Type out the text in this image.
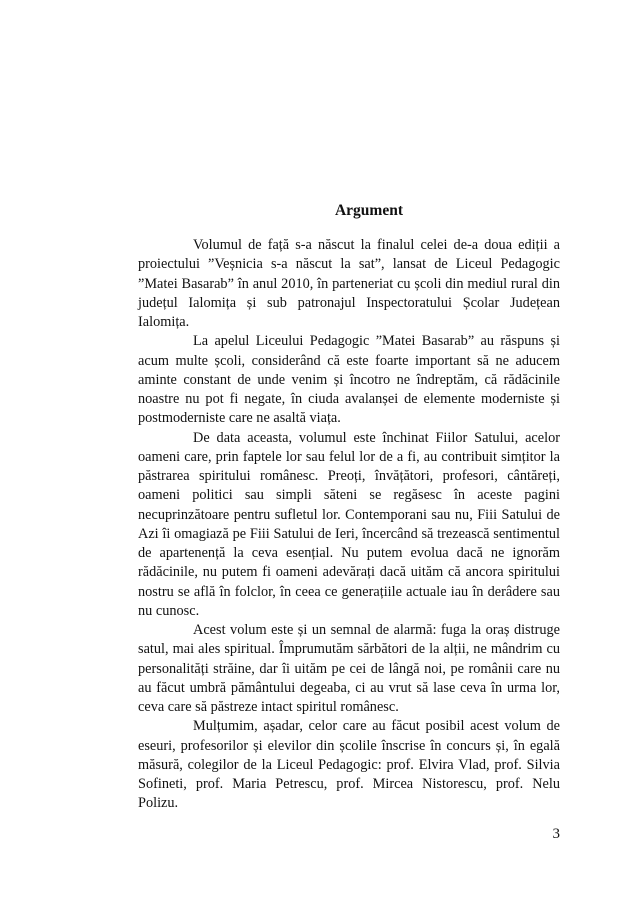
Argument

Volumul de față s-a născut la finalul celei de-a doua ediții a proiectului ”Veșnicia s-a născut la sat”, lansat de Liceul Pedagogic ”Matei Basarab” în anul 2010, în parteneriat cu școli din mediul rural din județul Ialomița și sub patronajul Inspectoratului Școlar Județean Ialomița.

La apelul Liceului Pedagogic ”Matei Basarab” au răspuns și acum multe școli, considerând că este foarte important să ne aducem aminte constant de unde venim și încotro ne îndreptăm, că rădăcinile noastre nu pot fi negate, în ciuda avalanșei de elemente moderniste și postmoderniste care ne asaltă viața.

De data aceasta, volumul este închinat Fiilor Satului, acelor oameni care, prin faptele lor sau felul lor de a fi, au contribuit simțitor la păstrarea spiritului românesc. Preoți, învățători, profesori, cântăreți, oameni politici sau simpli săteni se regăsesc în aceste pagini necuprinzătoare pentru sufletul lor. Contemporani sau nu, Fiii Satului de Azi îi omagiază pe Fiii Satului de Ieri, încercând să trezească sentimentul de apartenență la ceva esențial. Nu putem evolua dacă ne ignorăm rădăcinile, nu putem fi oameni adevărați dacă uităm că ancora spiritului nostru se află în folclor, în ceea ce generațiile actuale iau în derâdere sau nu cunosc.

Acest volum este și un semnal de alarmă: fuga la oraș distruge satul, mai ales spiritual. Împrumutăm sărbători de la alții, ne mândrim cu personalități străine, dar îi uităm pe cei de lângă noi, pe românii care nu au făcut umbră pământului degeaba, ci au vrut să lase ceva în urma lor, ceva care să păstreze intact spiritul românesc.

Mulțumim, așadar, celor care au făcut posibil acest volum de eseuri, profesorilor și elevilor din școlile înscrise în concurs și, în egală măsură, colegilor de la Liceul Pedagogic: prof. Elvira Vlad, prof. Silvia Sofineti, prof. Maria Petrescu, prof. Mircea Nistorescu, prof. Nelu Polizu.

3
